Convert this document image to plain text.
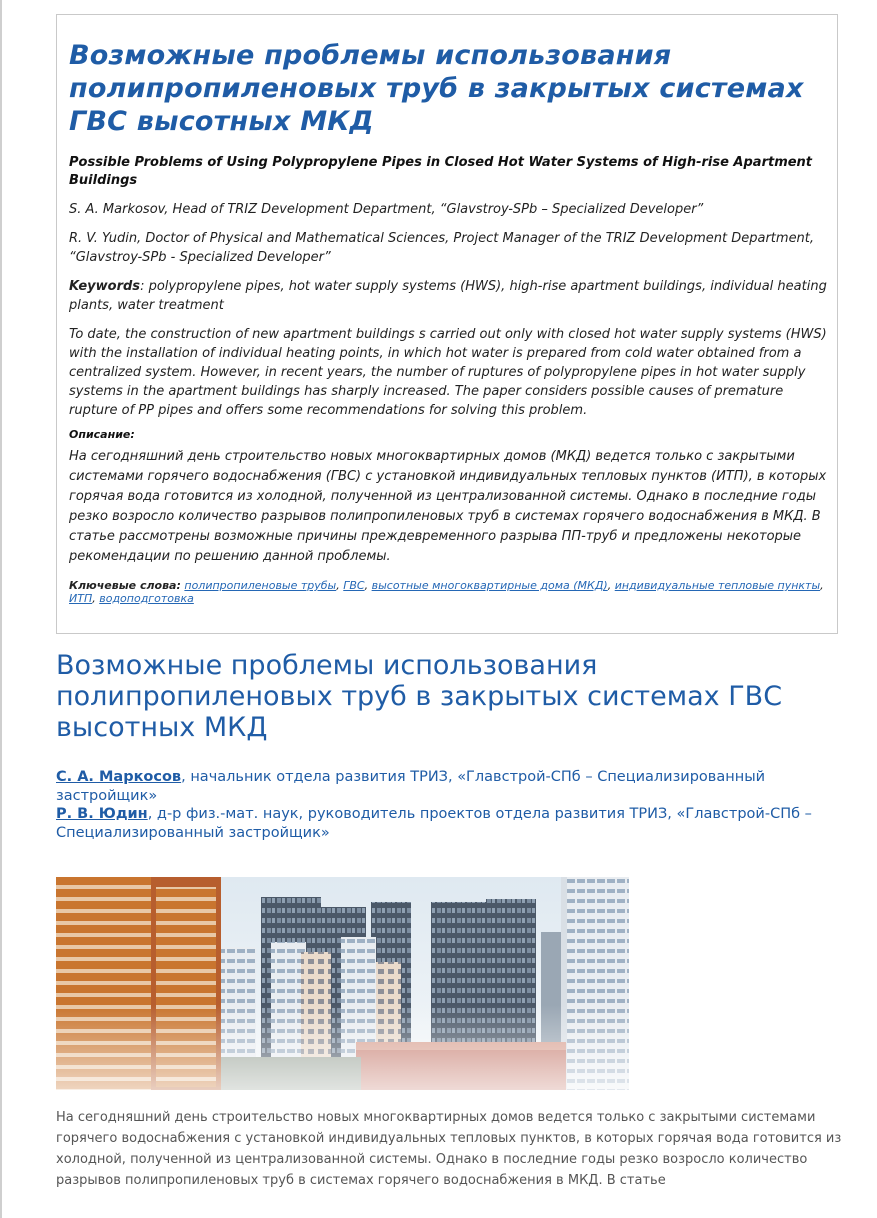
Возможные проблемы использования полипропиленовых труб в закрытых системах ГВС высотных МКД
Possible Problems of Using Polypropylene Pipes in Closed Hot Water Systems of High-rise Apartment Buildings

S. A. Markosov, Head of TRIZ Development Department, “Glavstroy-SPb – Specialized Developer”

R. V. Yudin, Doctor of Physical and Mathematical Sciences, Project Manager of the TRIZ Development Department, “Glavstroy-SPb - Specialized Developer”

Keywords: polypropylene pipes, hot water supply systems (HWS), high-rise apartment buildings, individual heating plants, water treatment

To date, the construction of new apartment buildings s carried out only with closed hot water supply systems (HWS) with the installation of individual heating points, in which hot water is prepared from cold water obtained from a centralized system. However, in recent years, the number of ruptures of polypropylene pipes in hot water supply systems in the apartment buildings has sharply increased. The paper considers possible causes of premature rupture of PP pipes and offers some recommendations for solving this problem.

Описание:

На сегодняшний день строительство новых многоквартирных домов (МКД) ведется только с закрытыми системами горячего водоснабжения (ГВС) с установкой индивидуальных тепловых пунктов (ИТП), в которых горячая вода готовится из холодной, полученной из централизованной системы. Однако в последние годы резко возросло количество разрывов полипропиленовых труб в системах горячего водоснабжения в МКД. В статье рассмотрены возможные причины преждевременного разрыва ПП-труб и предложены некоторые рекомендации по решению данной проблемы.

Ключевые слова: полипропиленовые трубы, ГВС, высотные многоквартирные дома (МКД), индивидуальные тепловые пункты, ИТП, водоподготовка
Возможные проблемы использования полипропиленовых труб в закрытых системах ГВС высотных МКД
С. А. Маркосов, начальник отдела развития ТРИЗ, «Главстрой-СПб – Специализированный застройщик»
Р. В. Юдин, д-р физ.-мат. наук, руководитель проектов отдела развития ТРИЗ, «Главстрой-СПб – Специализированный застройщик»

На сегодняшний день строительство новых многоквартирных домов ведется только с закрытыми системами горячего водоснабжения с установкой индивидуальных тепловых пунктов, в которых горячая вода готовится из холодной, полученной из централизованной системы. Однако в последние годы резко возросло количество разрывов полипропиленовых труб в системах горячего водоснабжения в МКД. В статье
